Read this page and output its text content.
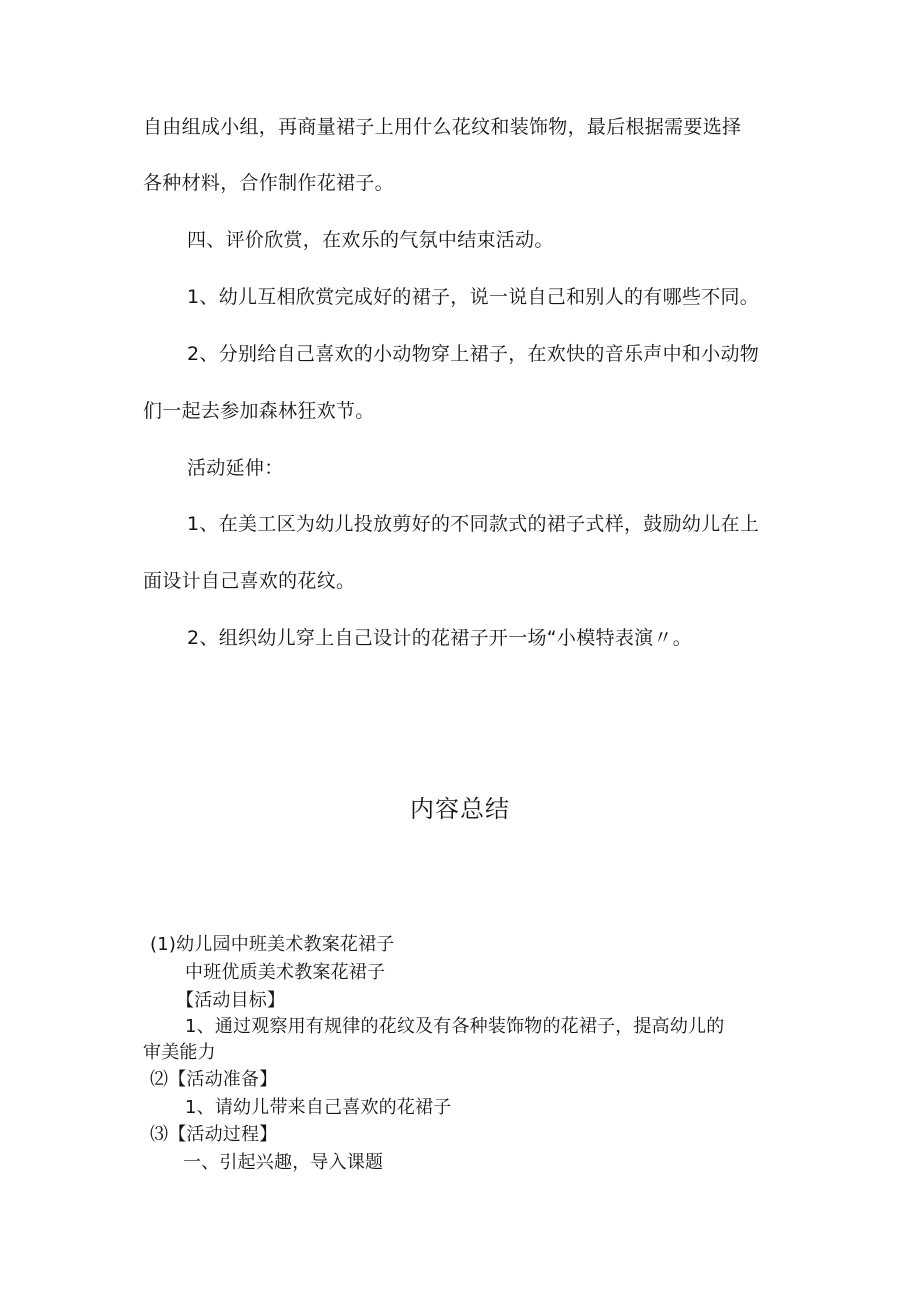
自由组成小组，再商量裙子上用什么花纹和装饰物，最后根据需要选择
各种材料，合作制作花裙子。
四、评价欣赏，在欢乐的气氛中结束活动。
1、幼儿互相欣赏完成好的裙子，说一说自己和别人的有哪些不同。
2、分别给自己喜欢的小动物穿上裙子，在欢快的音乐声中和小动物
们一起去参加森林狂欢节。
活动延伸：
1、在美工区为幼儿投放剪好的不同款式的裙子式样，鼓励幼儿在上
面设计自己喜欢的花纹。
2、组织幼儿穿上自己设计的花裙子开一场“小模特表演〃。
内容总结
(1)幼儿园中班美术教案花裙子
中班优质美术教案花裙子
【活动目标】
1、通过观察用有规律的花纹及有各种装饰物的花裙子，提高幼儿的
审美能力
⑵【活动准备】
1、请幼儿带来自己喜欢的花裙子
⑶【活动过程】
一、引起兴趣，导入课题
